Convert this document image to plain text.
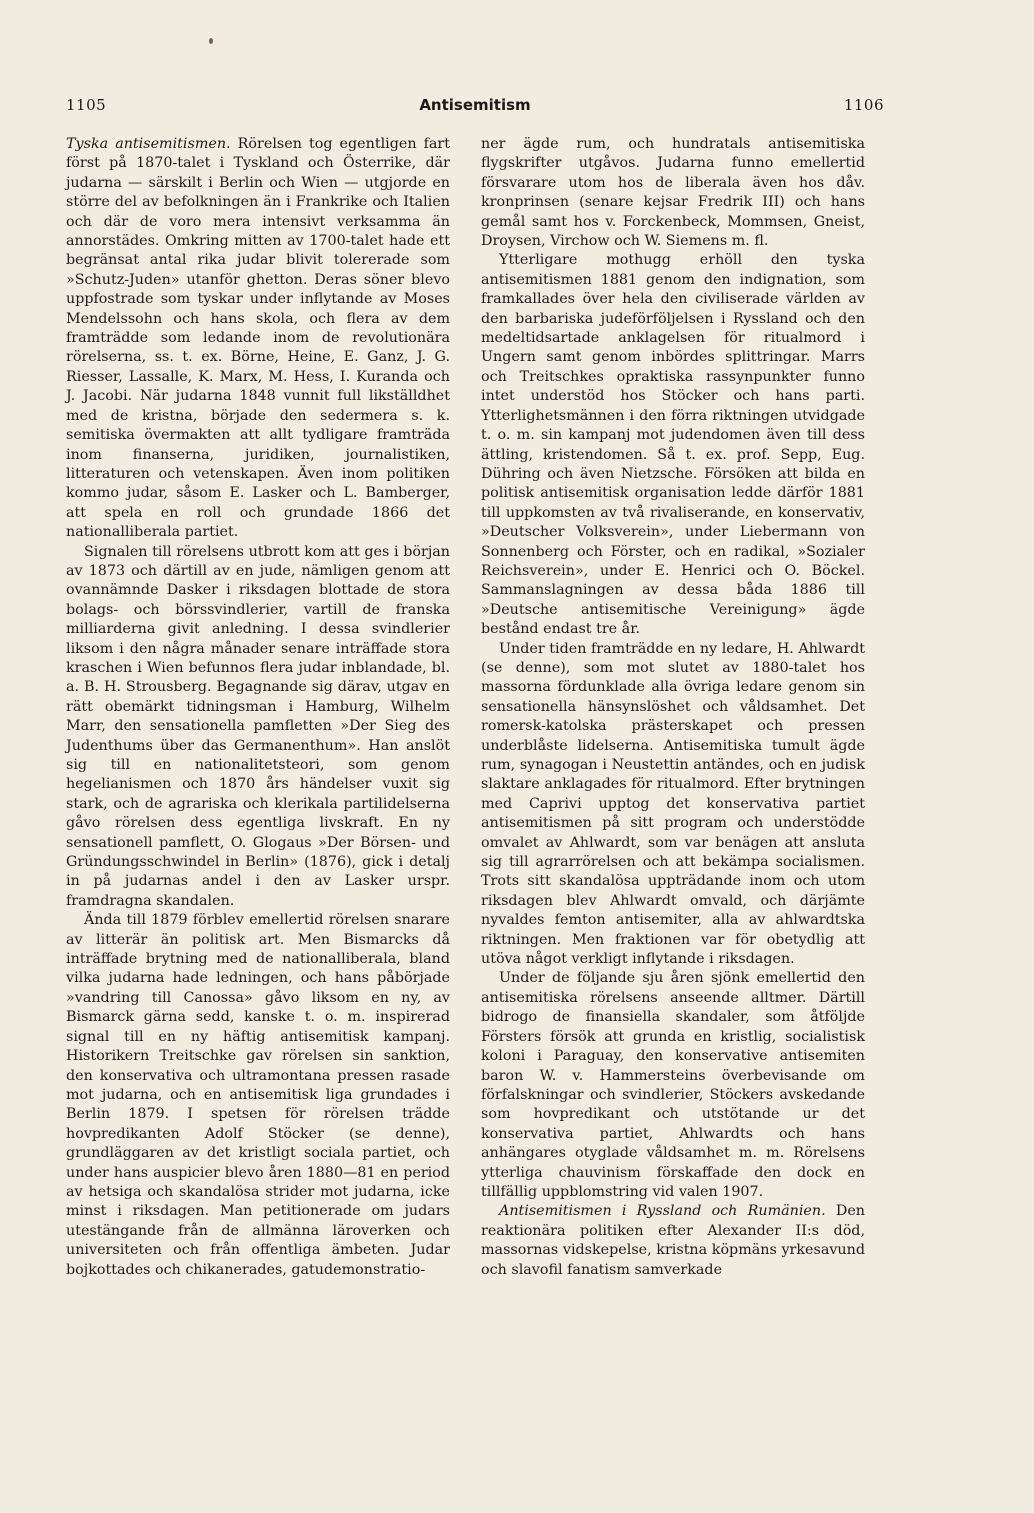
1105	Antisemitism	1106

Tyska antisemitismen. Rörelsen tog egentligen fart först på 1870-talet i Tyskland och Österrike, där judarna — särskilt i Berlin och Wien — utgjorde en större del av befolkningen än i Frankrike och Italien och där de voro mera intensivt verksamma än annorstädes. Omkring mitten av 1700-talet hade ett begränsat antal rika judar blivit tolererade som »Schutz-Juden» utanför ghetton. Deras söner blevo uppfostrade som tyskar under inflytande av Moses Mendelssohn och hans skola, och flera av dem framträdde som ledande inom de revolutionära rörelserna, ss. t. ex. Börne, Heine, E. Ganz, J. G. Riesser, Lassalle, K. Marx, M. Hess, I. Kuranda och J. Jacobi. När judarna 1848 vunnit full likställdhet med de kristna, började den sedermera s. k. semitiska övermakten att allt tydligare framträda inom finanserna, juridiken, journalistiken, litteraturen och vetenskapen. Även inom politiken kommo judar, såsom E. Lasker och L. Bamberger, att spela en roll och grundade 1866 det nationalliberala partiet.

Signalen till rörelsens utbrott kom att ges i början av 1873 och därtill av en jude, nämligen genom att ovannämnde Dasker i riksdagen blottade de stora bolags- och börssvindlerier, vartill de franska milliarderna givit anledning. I dessa svindlerier liksom i den några månader senare inträffade stora kraschen i Wien befunnos flera judar inblandade, bl. a. B. H. Strousberg. Begagnande sig därav, utgav en rätt obemärkt tidningsman i Hamburg, Wilhelm Marr, den sensationella pamfletten »Der Sieg des Judenthums über das Germanenthum». Han anslöt sig till en nationalitetsteori, som genom hegelianismen och 1870 års händelser vuxit sig stark, och de agrariska och klerikala partilidelserna gåvo rörelsen dess egentliga livskraft. En ny sensationell pamflett, O. Glogaus »Der Börsen- und Gründungsschwindel in Berlin» (1876), gick i detalj in på judarnas andel i den av Lasker urspr. framdragna skandalen.

Ända till 1879 förblev emellertid rörelsen snarare av litterär än politisk art. Men Bismarcks då inträffade brytning med de nationalliberala, bland vilka judarna hade ledningen, och hans påbörjade »vandring till Canossa» gåvo liksom en ny, av Bismarck gärna sedd, kanske t. o. m. inspirerad signal till en ny häftig antisemitisk kampanj. Historikern Treitschke gav rörelsen sin sanktion, den konservativa och ultramontana pressen rasade mot judarna, och en antisemitisk liga grundades i Berlin 1879. I spetsen för rörelsen trädde hovpredikanten Adolf Stöcker (se denne), grundläggaren av det kristligt sociala partiet, och under hans auspicier blevo åren 1880—81 en period av hetsiga och skandalösa strider mot judarna, icke minst i riksdagen. Man petitionerade om judars utestängande från de allmänna läroverken och universiteten och från offentliga ämbeten. Judar bojkottades och chikanerades, gatudemonstratio-

ner ägde rum, och hundratals antisemitiska flygskrifter utgåvos. Judarna funno emellertid försvarare utom hos de liberala även hos dåv. kronprinsen (senare kejsar Fredrik III) och hans gemål samt hos v. Forckenbeck, Mommsen, Gneist, Droysen, Virchow och W. Siemens m. fl.

Ytterligare mothugg erhöll den tyska antisemitismen 1881 genom den indignation, som framkallades över hela den civiliserade världen av den barbariska judeförföljelsen i Ryssland och den medeltidsartade anklagelsen för ritualmord i Ungern samt genom inbördes splittringar. Marrs och Treitschkes opraktiska rassynpunkter funno intet understöd hos Stöcker och hans parti. Ytterlighetsmännen i den förra riktningen utvidgade t. o. m. sin kampanj mot judendomen även till dess ättling, kristendomen. Så t. ex. prof. Sepp, Eug. Dühring och även Nietzsche. Försöken att bilda en politisk antisemitisk organisation ledde därför 1881 till uppkomsten av två rivaliserande, en konservativ, »Deutscher Volksverein», under Liebermann von Sonnenberg och Förster, och en radikal, »Sozialer Reichsverein», under E. Henrici och O. Böckel. Sammanslagningen av dessa båda 1886 till »Deutsche antisemitische Vereinigung» ägde bestånd endast tre år.

Under tiden framträdde en ny ledare, H. Ahlwardt (se denne), som mot slutet av 1880-talet hos massorna fördunklade alla övriga ledare genom sin sensationella hänsynslöshet och våldsamhet. Det romersk-katolska prästerskapet och pressen underblåste lidelserna. Antisemitiska tumult ägde rum, synagogan i Neustettin antändes, och en judisk slaktare anklagades för ritualmord. Efter brytningen med Caprivi upptog det konservativa partiet antisemitismen på sitt program och understödde omvalet av Ahlwardt, som var benägen att ansluta sig till agrarrörelsen och att bekämpa socialismen. Trots sitt skandalösa uppträdande inom och utom riksdagen blev Ahlwardt omvald, och därjämte nyvaldes femton antisemiter, alla av ahlwardtska riktningen. Men fraktionen var för obetydlig att utöva något verkligt inflytande i riksdagen.

Under de följande sju åren sjönk emellertid den antisemitiska rörelsens anseende alltmer. Därtill bidrogo de finansiella skandaler, som åtföljde Försters försök att grunda en kristlig, socialistisk koloni i Paraguay, den konservative antisemiten baron W. v. Hammersteins överbevisande om förfalskningar och svindlerier, Stöckers avskedande som hovpredikant och utstötande ur det konservativa partiet, Ahlwardts och hans anhängares otyglade våldsamhet m. m. Rörelsens ytterliga chauvinism förskaffade den dock en tillfällig uppblomstring vid valen 1907.

Antisemitismen i Ryssland och Rumänien. Den reaktionära politiken efter Alexander II:s död, massornas vidskepelse, kristna köpmäns yrkesavund och slavofil fanatism samverkade
